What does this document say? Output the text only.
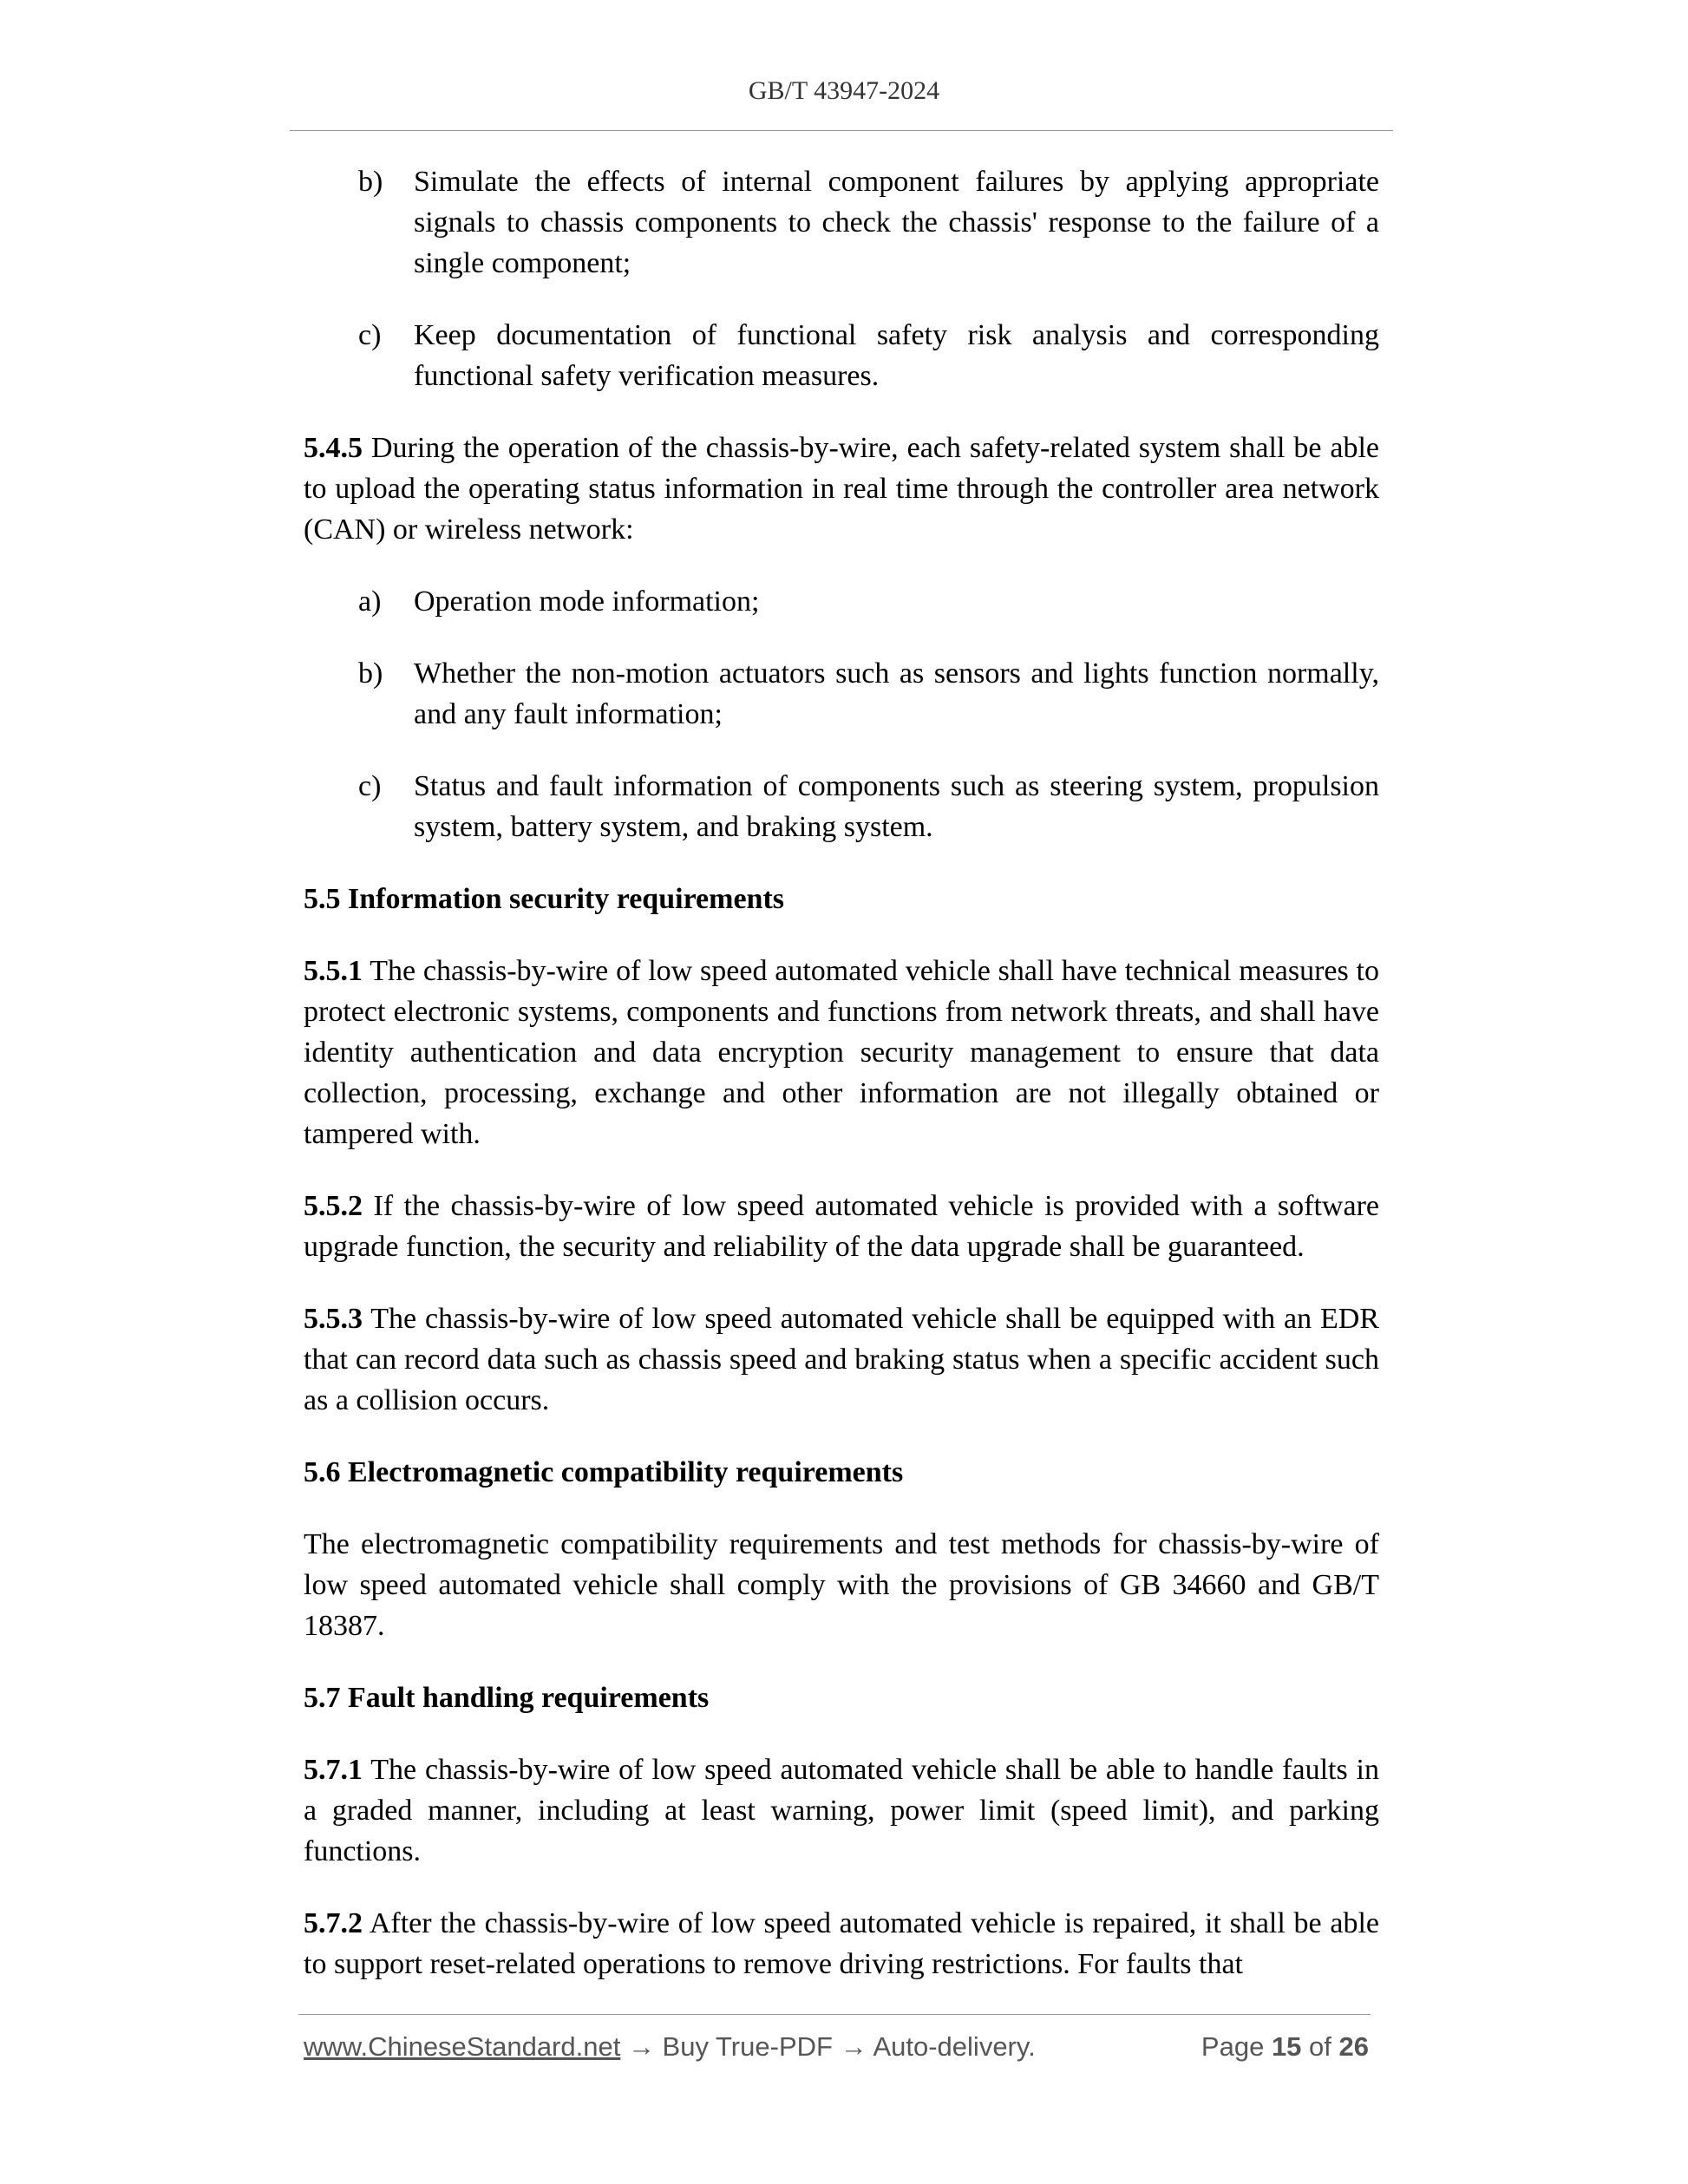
GB/T 43947-2024
b) Simulate the effects of internal component failures by applying appropriate signals to chassis components to check the chassis' response to the failure of a single component;
c) Keep documentation of functional safety risk analysis and corresponding functional safety verification measures.

5.4.5 During the operation of the chassis-by-wire, each safety-related system shall be able to upload the operating status information in real time through the controller area network (CAN) or wireless network:

a) Operation mode information;
b) Whether the non-motion actuators such as sensors and lights function normally, and any fault information;
c) Status and fault information of components such as steering system, propulsion system, battery system, and braking system.
5.5 Information security requirements

5.5.1 The chassis-by-wire of low speed automated vehicle shall have technical measures to protect electronic systems, components and functions from network threats, and shall have identity authentication and data encryption security management to ensure that data collection, processing, exchange and other information are not illegally obtained or tampered with.

5.5.2 If the chassis-by-wire of low speed automated vehicle is provided with a software upgrade function, the security and reliability of the data upgrade shall be guaranteed.

5.5.3 The chassis-by-wire of low speed automated vehicle shall be equipped with an EDR that can record data such as chassis speed and braking status when a specific accident such as a collision occurs.

5.6 Electromagnetic compatibility requirements

The electromagnetic compatibility requirements and test methods for chassis-by-wire of low speed automated vehicle shall comply with the provisions of GB 34660 and GB/T 18387.

5.7 Fault handling requirements

5.7.1 The chassis-by-wire of low speed automated vehicle shall be able to handle faults in a graded manner, including at least warning, power limit (speed limit), and parking functions.

5.7.2 After the chassis-by-wire of low speed automated vehicle is repaired, it shall be able to support reset-related operations to remove driving restrictions. For faults that

www.ChineseStandard.net → Buy True-PDF → Auto-delivery.	Page 15 of 26
